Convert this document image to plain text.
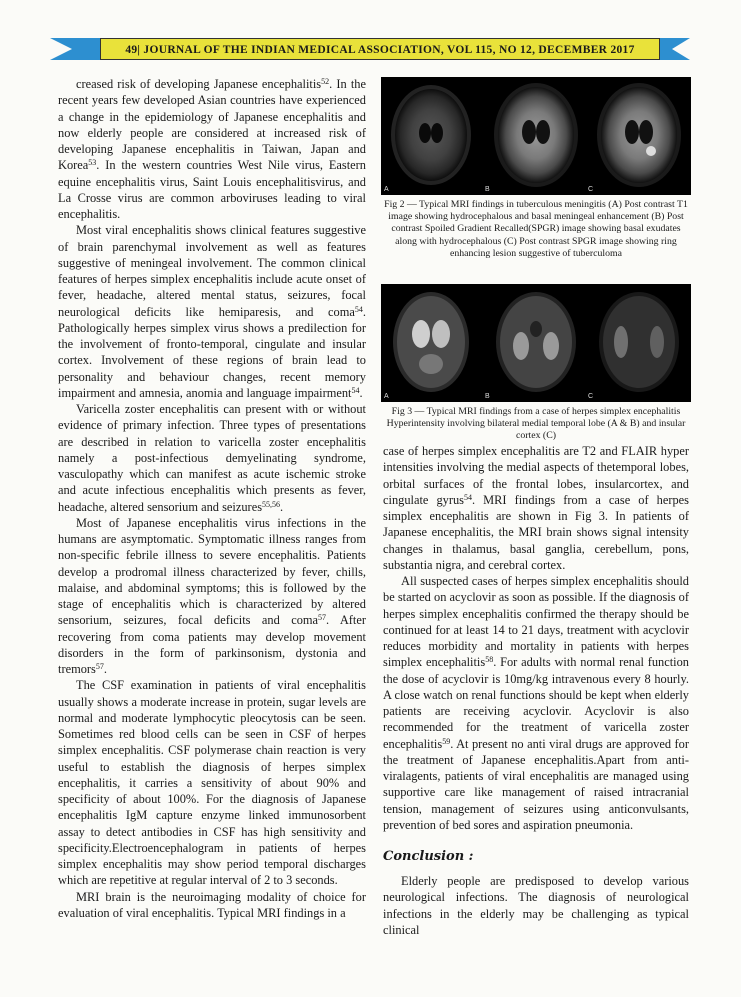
49| JOURNAL OF THE INDIAN MEDICAL ASSOCIATION, VOL 115, NO 12, DECEMBER 2017

creased risk of developing Japanese encephalitis$^{52}$. In the recent years few developed Asian countries have experienced a change in the epidemiology of Japanese encephalitis and now elderly people are considered at increased risk of developing Japanese encephalitis in Taiwan, Japan and Korea$^{53}$. In the western countries West Nile virus, Eastern equine encephalitis virus, Saint Louis encephalitisvirus, and La Crosse virus are common arboviruses leading to viral encephalitis.

Most viral encephalitis shows clinical features suggestive of brain parenchymal involvement as well as features suggestive of meningeal involvement. The common clinical features of herpes simplex encephalitis include acute onset of fever, headache, altered mental status, seizures, focal neurological deficits like hemiparesis, and coma$^{54}$. Pathologically herpes simplex virus shows a predilection for the involvement of fronto-temporal, cingulate and insular cortex. Involvement of these regions of brain lead to personality and behaviour changes, recent memory impairment and amnesia, anomia and language impairment$^{54}$.

Varicella zoster encephalitis can present with or without evidence of primary infection. Three types of presentations are described in relation to varicella zoster encephalitis namely a post-infectious demyelinating syndrome, vasculopathy which can manifest as acute ischemic stroke and acute infectious encephalitis which presents as fever, headache, altered sensorium and seizures$^{55,56}$.

Most of Japanese encephalitis virus infections in the humans are asymptomatic. Symptomatic illness ranges from non-specific febrile illness to severe encephalitis. Patients develop a prodromal illness characterized by fever, chills, malaise, and abdominal symptoms; this is followed by the stage of encephalitis which is characterized by altered sensorium, seizures, focal deficits and coma$^{57}$. After recovering from coma patients may develop movement disorders in the form of parkinsonism, dystonia and tremors$^{57}$.

The CSF examination in patients of viral encephalitis usually shows a moderate increase in protein, sugar levels are normal and moderate lymphocytic pleocytosis can be seen. Sometimes red blood cells can be seen in CSF of herpes simplex encephalitis. CSF polymerase chain reaction is very useful to establish the diagnosis of herpes simplex encephalitis, it carries a sensitivity of about 90% and specificity of about 100%. For the diagnosis of Japanese encephalitis IgM capture enzyme linked immunosorbent assay to detect antibodies in CSF has high sensitivity and specificity.Electroencephalogram in patients of herpes simplex encephalitis may show period temporal discharges which are repetitive at regular interval of 2 to 3 seconds.

MRI brain is the neuroimaging modality of choice for evaluation of viral encephalitis. Typical MRI findings in a

A	B	C
Fig 2 — Typical MRI findings in tuberculous meningitis (A) Post contrast T1 image showing hydrocephalous and basal meningeal enhancement (B) Post contrast Spoiled Gradient Recalled(SPGR) image showing basal exudates along with hydrocephalous (C) Post contrast SPGR image showing ring enhancing lesion suggestive of tuberculoma
A	B	C
Fig 3 — Typical MRI findings from a case of herpes simplex encephalitis Hyperintensity involving bilateral medial temporal lobe (A & B) and insular cortex (C)

case of herpes simplex encephalitis are T2 and FLAIR hyper intensities involving the medial aspects of thetemporal lobes, orbital surfaces of the frontal lobes, insularcortex, and cingulate gyrus$^{54}$. MRI findings from a case of herpes simplex encephalitis are shown in Fig 3. In patients of Japanese encephalitis, the MRI brain shows signal intensity changes in thalamus, basal ganglia, cerebellum, pons, substantia nigra, and cerebral cortex.

All suspected cases of herpes simplex encephalitis should be started on acyclovir as soon as possible. If the diagnosis of herpes simplex encephalitis confirmed the therapy should be continued for at least 14 to 21 days, treatment with acyclovir reduces morbidity and mortality in patients with herpes simplex encephalitis$^{58}$. For adults with normal renal function the dose of acyclovir is 10mg/kg intravenous every 8 hourly. A close watch on renal functions should be kept when elderly patients are receiving acyclovir. Acyclovir is also recommended for the treatment of varicella zoster encephalitis$^{59}$. At present no anti viral drugs are approved for the treatment of Japanese encephalitis.Apart from anti-viralagents, patients of viral encephalitis are managed using supportive care like management of raised intracranial tension, management of seizures using anticonvulsants, prevention of bed sores and aspiration pneumonia.

Conclusion :

Elderly people are predisposed to develop various neurological infections. The diagnosis of neurological infections in the elderly may be challenging as typical clinical
